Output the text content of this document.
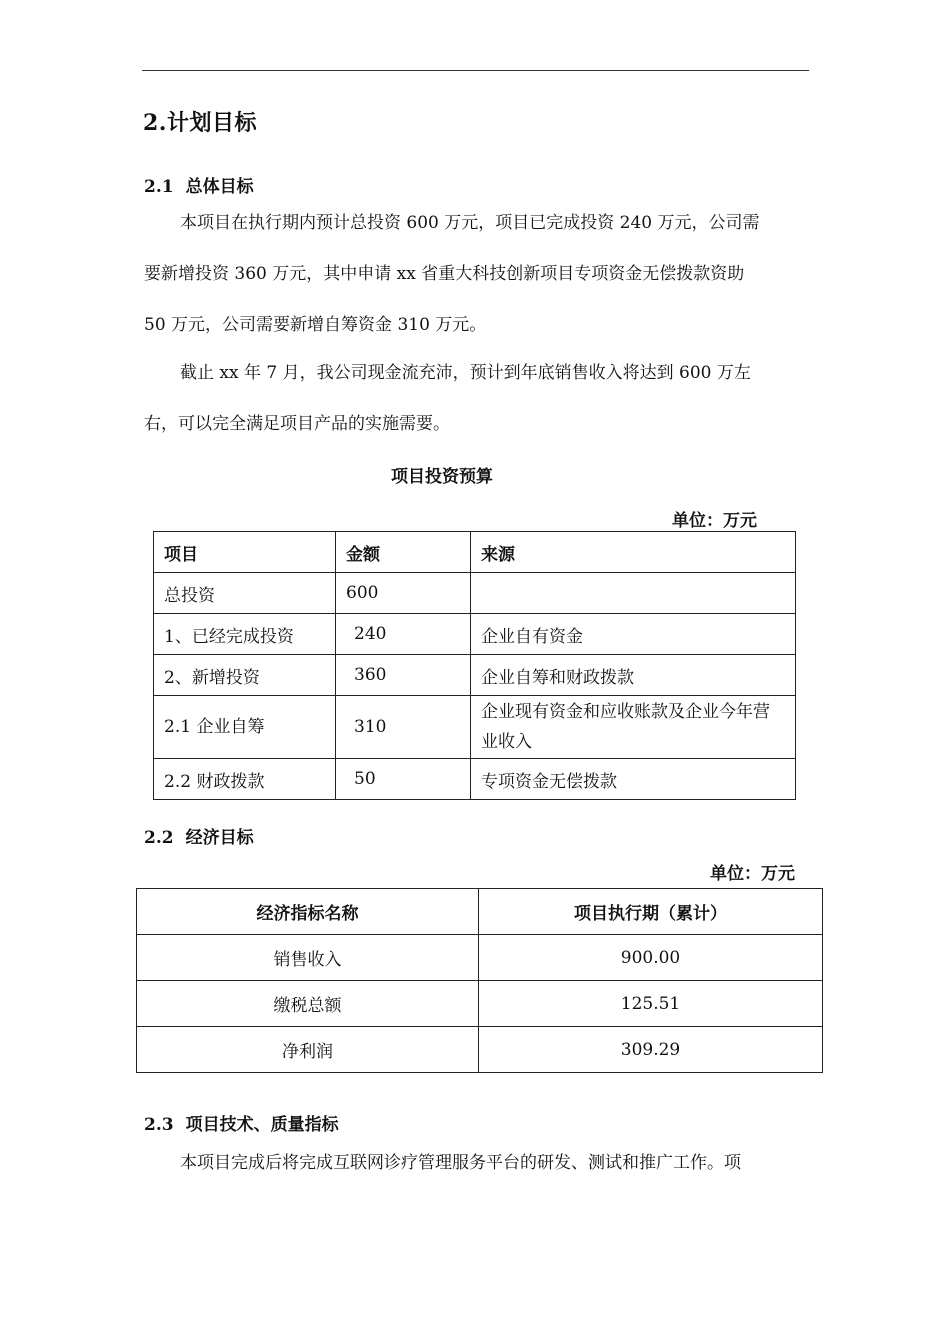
2.计划目标
2.1 总体目标

本项目在执行期内预计总投资 600 万元，项目已完成投资 240 万元，公司需

要新增投资 360 万元，其中申请 xx 省重大科技创新项目专项资金无偿拨款资助

50 万元，公司需要新增自筹资金 310 万元。

截止 xx 年 7 月，我公司现金流充沛，预计到年底销售收入将达到 600 万左

右，可以完全满足项目产品的实施需要。

项目投资预算
单位：万元
项目	金额	来源
总投资	600	
1、已经完成投资	240	企业自有资金
2、新增投资	360	企业自筹和财政拨款
2.1 企业自筹	310	企业现有资金和应收账款及企业今年营业收入
2.2 财政拨款	50	专项资金无偿拨款
2.2 经济目标
单位：万元
经济指标名称	项目执行期（累计）
销售收入	900.00
缴税总额	125.51
净利润	309.29
2.3 项目技术、质量指标

本项目完成后将完成互联网诊疗管理服务平台的研发、测试和推广工作。项
